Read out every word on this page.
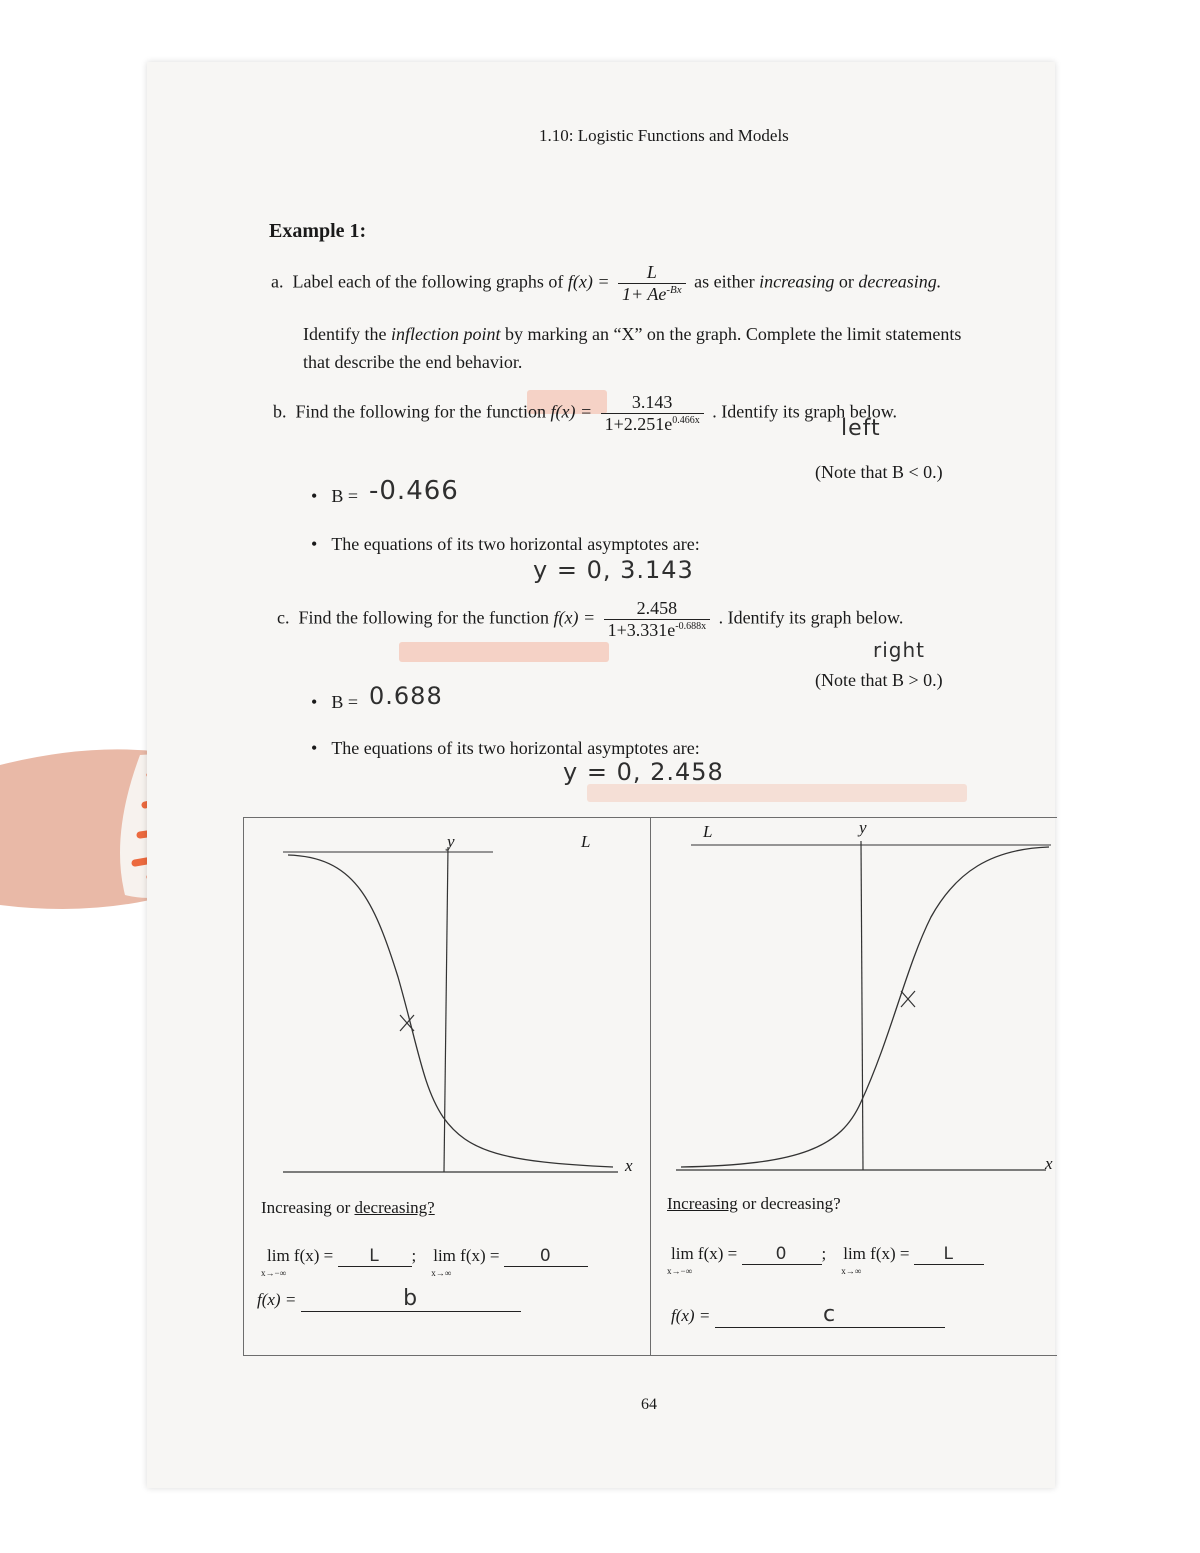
1.10: Logistic Functions and Models
Example 1:
a. Label each of the following graphs of $f(x) = \frac{L}{1+ Ae^{-Bx}}$ as either increasing or decreasing.
Identify the inflection point by marking an “X” on the graph. Complete the limit statements
that describe the end behavior.
b. Find the following for the function $f(x) = \frac{3.143}{1+2.251e^{0.466x}}$ . Identify its graph below.
left
(Note that B < 0.)
• B = -0.466
• The equations of its two horizontal asymptotes are:
y = 0, 3.143
c. Find the following for the function $f(x) = \frac{2.458}{1+3.331e^{-0.688x}}$ . Identify its graph below.
right
(Note that B > 0.)
• B = 0.688
• The equations of its two horizontal asymptotes are:
y = 0, 2.458
y	L
x
Increasing or decreasing?
lim f(x) =
x→−∞
L ; lim f(x) =
x→∞
0
f(x) =	b
y
L
x
Increasing or decreasing?
lim f(x) =
x→−∞
0 ; lim f(x) =
x→∞
L
f(x) =	c
64
